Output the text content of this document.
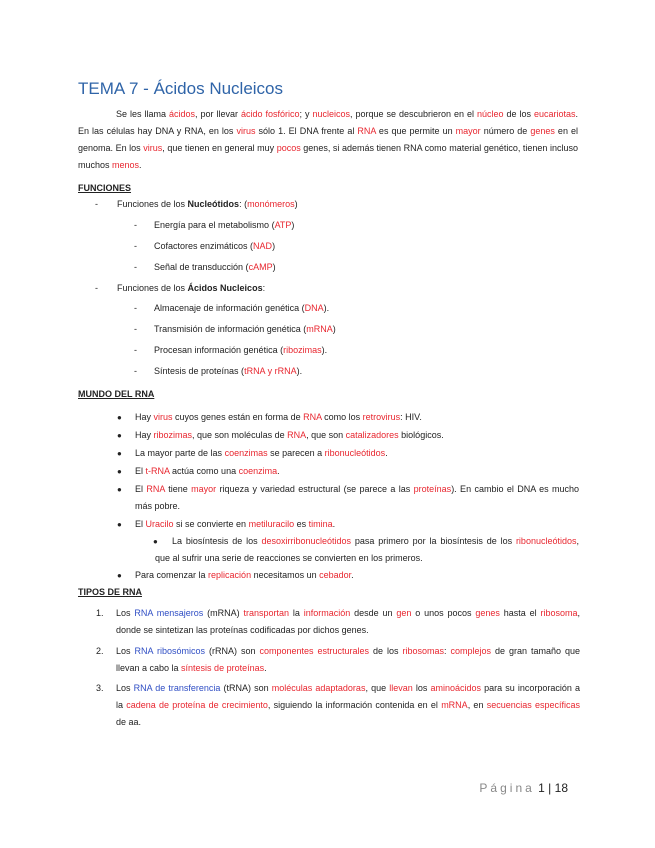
TEMA 7 - Ácidos Nucleicos

Se les llama ácidos, por llevar ácido fosfórico; y nucleicos, porque se descubrieron en el núcleo de los eucariotas. En las células hay DNA y RNA, en los virus sólo 1. El DNA frente al RNA es que permite un mayor número de genes en el genoma. En los virus, que tienen en general muy pocos genes, si además tienen RNA como material genético, tienen incluso muchos menos.

FUNCIONES
- Funciones de los Nucleótidos: (monómeros)
- Energía para el metabolismo (ATP)
- Cofactores enzimáticos (NAD)
- Señal de transducción (cAMP)
- Funciones de los Ácidos Nucleicos:
- Almacenaje de información genética (DNA).
- Transmisión de información genética (mRNA)
- Procesan información genética (ribozimas).
- Síntesis de proteínas (tRNA y rRNA).
MUNDO DEL RNA
● Hay virus cuyos genes están en forma de RNA como los retrovirus: HIV.
● Hay ribozimas, que son moléculas de RNA, que son catalizadores biológicos.
● La mayor parte de las coenzimas se parecen a ribonucleótidos.
● El t-RNA actúa como una coenzima.
● El RNA tiene mayor riqueza y variedad estructural (se parece a las proteínas). En cambio el DNA es mucho más pobre.
● El Uracilo si se convierte en metiluracilo es timina.
●	La biosíntesis de los desoxirribonucleótidos pasa primero por la biosíntesis de los ribonucleótidos, que al sufrir una serie de reacciones se convierten en los primeros.
● Para comenzar la replicación necesitamos un cebador.
TIPOS DE RNA
1. Los RNA mensajeros (mRNA) transportan la información desde un gen o unos pocos genes hasta el ribosoma, donde se sintetizan las proteínas codificadas por dichos genes.
2. Los RNA ribosómicos (rRNA) son componentes estructurales de los ribosomas: complejos de gran tamaño que llevan a cabo la síntesis de proteínas.
3. Los RNA de transferencia (tRNA) son moléculas adaptadoras, que llevan los aminoácidos para su incorporación a la cadena de proteína de crecimiento, siguiendo la información contenida en el mRNA, en secuencias específicas de aa.
Página 1 | 18
